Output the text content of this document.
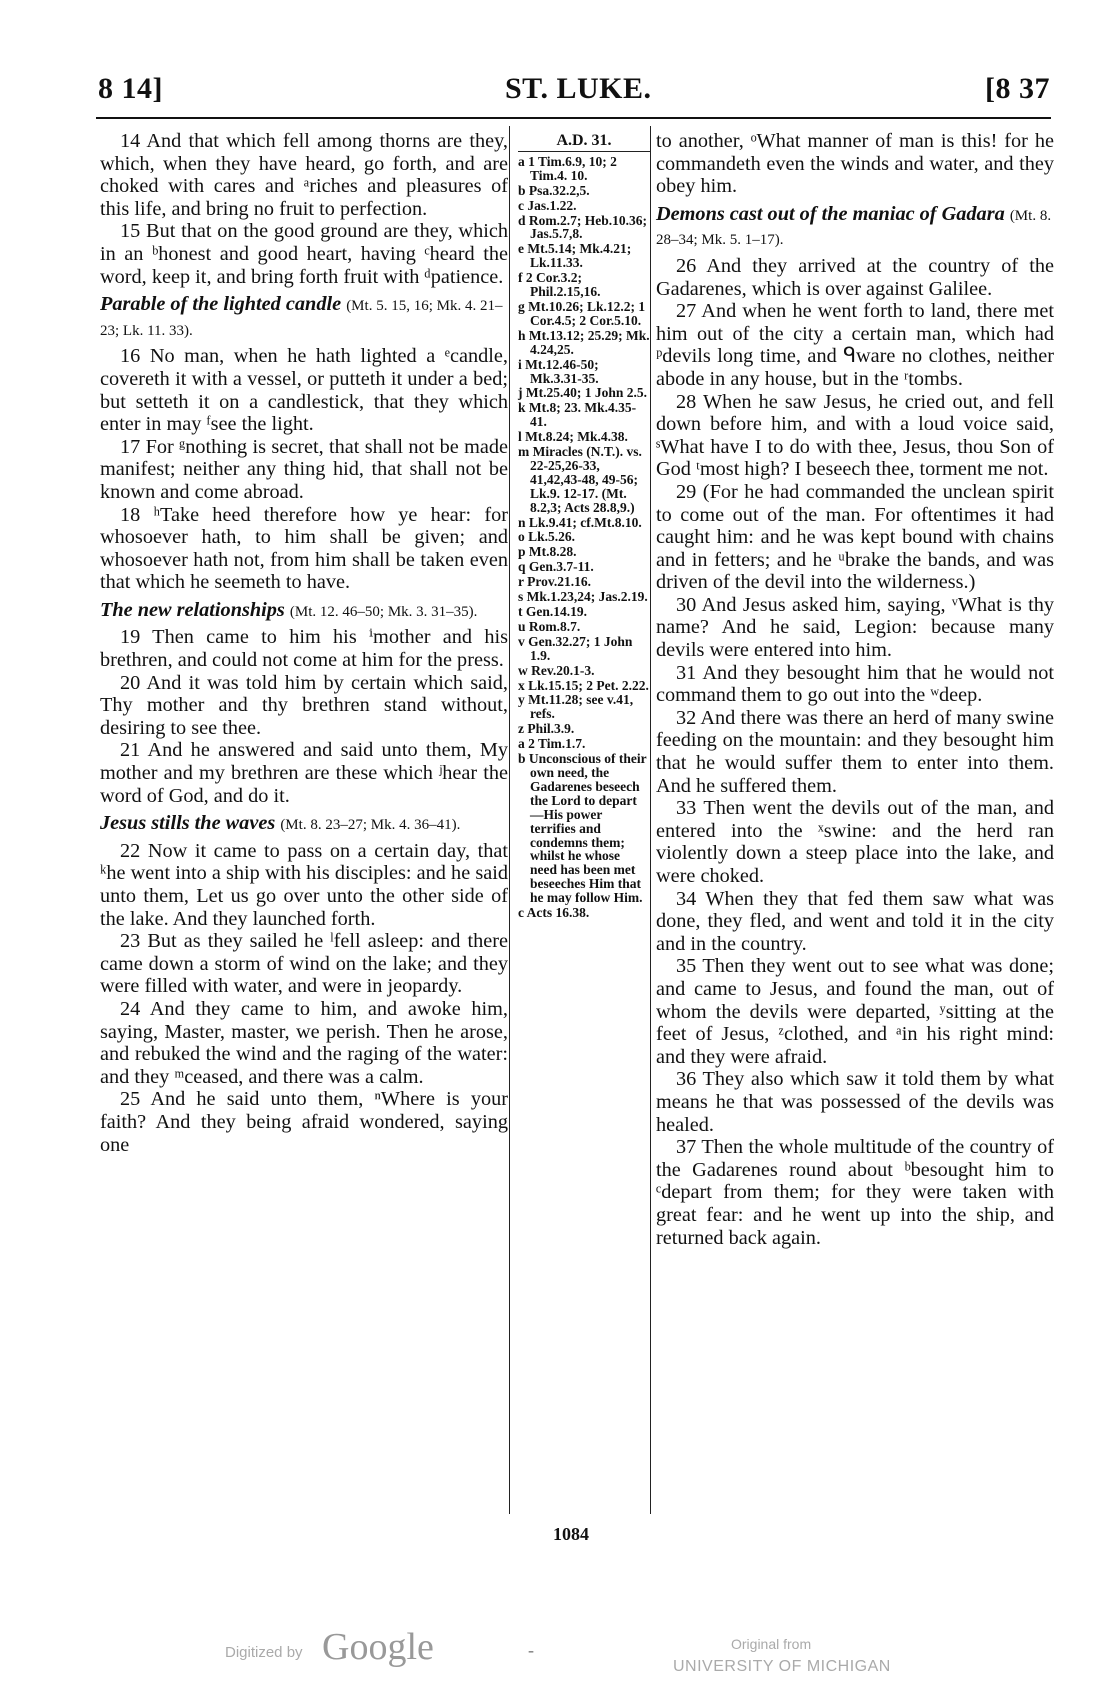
8 14]	ST. LUKE.	[8 37

14 And that which fell among thorns are they, which, when they have heard, go forth, and are choked with cares and ᵃriches and pleasures of this life, and bring no fruit to perfection.

15 But that on the good ground are they, which in an ᵇhonest and good heart, having ᶜheard the word, keep it, and bring forth fruit with ᵈpatience.

Parable of the lighted candle (Mt. 5. 15, 16; Mk. 4. 21–23; Lk. 11. 33).

16 No man, when he hath lighted a ᵉcandle, covereth it with a vessel, or putteth it under a bed; but setteth it on a candlestick, that they which enter in may ᶠsee the light.

17 For ᵍnothing is secret, that shall not be made manifest; neither any thing hid, that shall not be known and come abroad.

18 ʰTake heed therefore how ye hear: for whosoever hath, to him shall be given; and whosoever hath not, from him shall be taken even that which he seemeth to have.

The new relationships (Mt. 12. 46–50; Mk. 3. 31–35).

19 Then came to him his ⁱmother and his brethren, and could not come at him for the press.

20 And it was told him by certain which said, Thy mother and thy brethren stand without, desiring to see thee.

21 And he answered and said unto them, My mother and my brethren are these which ʲhear the word of God, and do it.

Jesus stills the waves (Mt. 8. 23–27; Mk. 4. 36–41).

22 Now it came to pass on a certain day, that ᵏhe went into a ship with his disciples: and he said unto them, Let us go over unto the other side of the lake. And they launched forth.

23 But as they sailed he ˡfell asleep: and there came down a storm of wind on the lake; and they were filled with water, and were in jeopardy.

24 And they came to him, and awoke him, saying, Master, master, we perish. Then he arose, and rebuked the wind and the raging of the water: and they ᵐceased, and there was a calm.

25 And he said unto them, ⁿWhere is your faith? And they being afraid wondered, saying one

A.D. 31.
a 1 Tim.6.9, 10; 2 Tim.4. 10.
b Psa.32.2,5.
c Jas.1.22.
d Rom.2.7; Heb.10.36; Jas.5.7,8.
e Mt.5.14; Mk.4.21; Lk.11.33.
f 2 Cor.3.2; Phil.2.15,16.
g Mt.10.26; Lk.12.2; 1 Cor.4.5; 2 Cor.5.10.
h Mt.13.12; 25.29; Mk. 4.24,25.
i Mt.12.46-50; Mk.3.31-35.
j Mt.25.40; 1 John 2.5.
k Mt.8; 23. Mk.4.35-41.
l Mt.8.24; Mk.4.38.
m Miracles (N.T.). vs. 22-25,26-33, 41,42,43-48, 49-56; Lk.9. 12-17. (Mt. 8.2,3; Acts 28.8,9.)
n Lk.9.41; cf.Mt.8.10.
o Lk.5.26.
p Mt.8.28.
q Gen.3.7-11.
r Prov.21.16.
s Mk.1.23,24; Jas.2.19.
t Gen.14.19.
u Rom.8.7.
v Gen.32.27; 1 John 1.9.
w Rev.20.1-3.
x Lk.15.15; 2 Pet. 2.22.
y Mt.11.28; see v.41, refs.
z Phil.3.9.
a 2 Tim.1.7.
b Unconscious of their own need, the Gadarenes beseech the Lord to depart—His power terrifies and condemns them; whilst he whose need has been met beseeches Him that he may follow Him.
c Acts 16.38.

to another, ᵒWhat manner of man is this! for he commandeth even the winds and water, and they obey him.

Demons cast out of the maniac of Gadara (Mt. 8. 28–34; Mk. 5. 1–17).

26 And they arrived at the country of the Gadarenes, which is over against Galilee.

27 And when he went forth to land, there met him out of the city a certain man, which had ᵖdevils long time, and ᑫware no clothes, neither abode in any house, but in the ʳtombs.

28 When he saw Jesus, he cried out, and fell down before him, and with a loud voice said, ˢWhat have I to do with thee, Jesus, thou Son of God ᵗmost high? I beseech thee, torment me not.

29 (For he had commanded the unclean spirit to come out of the man. For oftentimes it had caught him: and he was kept bound with chains and in fetters; and he ᵘbrake the bands, and was driven of the devil into the wilderness.)

30 And Jesus asked him, saying, ᵛWhat is thy name? And he said, Legion: because many devils were entered into him.

31 And they besought him that he would not command them to go out into the ʷdeep.

32 And there was there an herd of many swine feeding on the mountain: and they besought him that he would suffer them to enter into them. And he suffered them.

33 Then went the devils out of the man, and entered into the ˣswine: and the herd ran violently down a steep place into the lake, and were choked.

34 When they that fed them saw what was done, they fled, and went and told it in the city and in the country.

35 Then they went out to see what was done; and came to Jesus, and found the man, out of whom the devils were departed, ʸsitting at the feet of Jesus, ᶻclothed, and ᵃin his right mind: and they were afraid.

36 They also which saw it told them by what means he that was possessed of the devils was healed.

37 Then the whole multitude of the country of the Gadarenes round about ᵇbesought him to ᶜdepart from them; for they were taken with great fear: and he went up into the ship, and returned back again.

1084
Digitized by Google	-	Original from
UNIVERSITY OF MICHIGAN
